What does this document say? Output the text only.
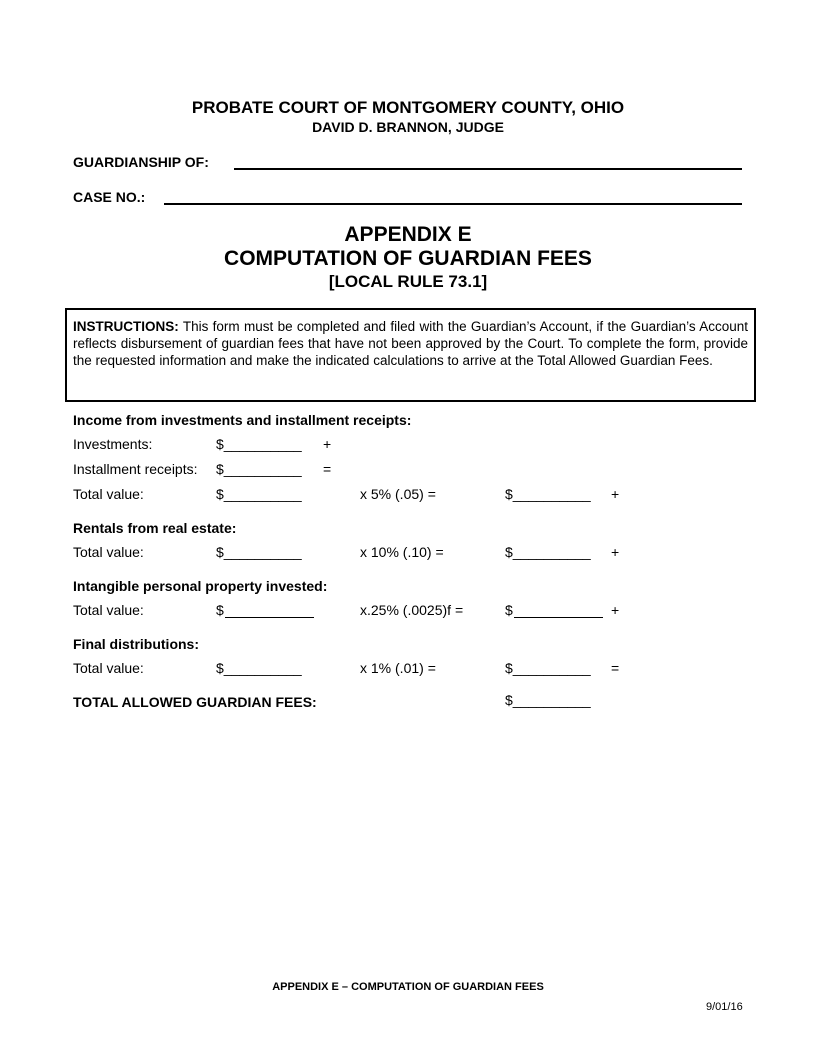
PROBATE COURT OF MONTGOMERY COUNTY, OHIO
DAVID D. BRANNON, JUDGE
GUARDIANSHIP OF:
CASE NO.:
APPENDIX E
COMPUTATION OF GUARDIAN FEES
[LOCAL RULE 73.1]
INSTRUCTIONS: This form must be completed and filed with the Guardian’s Account, if the Guardian’s Account reflects disbursement of guardian fees that have not been approved by the Court. To complete the form, provide the requested information and make the indicated calculations to arrive at the Total Allowed Guardian Fees.
Income from investments and installment receipts:
Investments:	$__________ +
Installment receipts: $__________ =
Total value:	$__________	x 5% (.05) =	$__________ +
Rentals from real estate:
Total value:	$__________	x 10% (.10) =	$__________ +
Intangible personal property invested:
Total value:	$	x.25% (.0025)f =	$	+
Final distributions:
Total value:	$__________	x 1% (.01) =	$__________ =
TOTAL ALLOWED GUARDIAN FEES:	$__________
APPENDIX E – COMPUTATION OF GUARDIAN FEES
9/01/16
